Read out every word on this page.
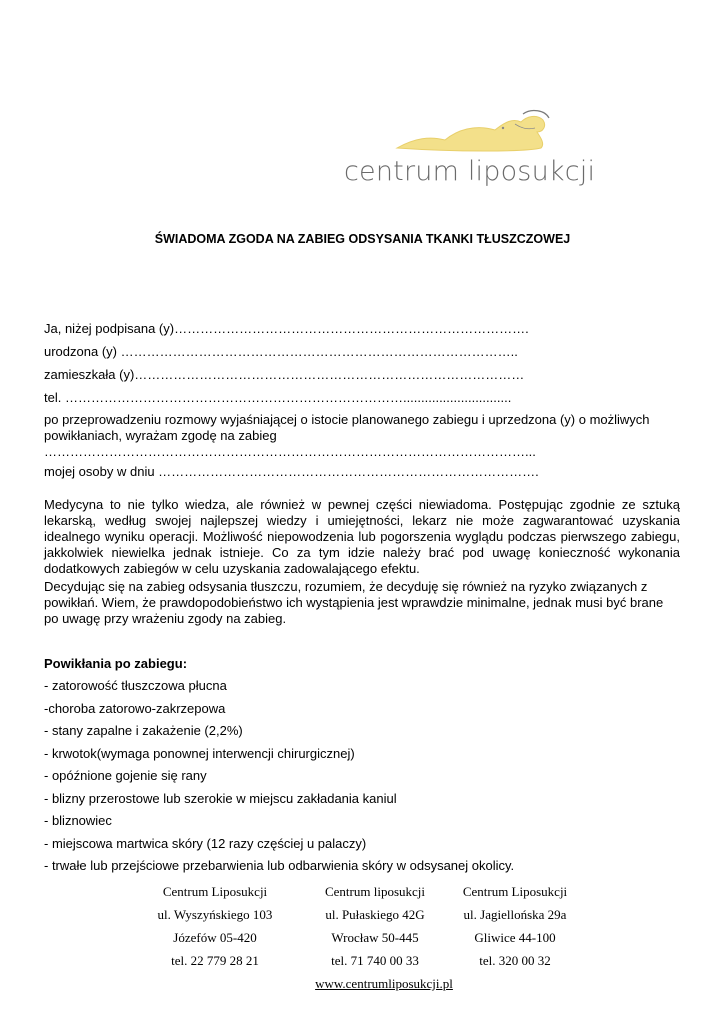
centrum liposukcji
ŚWIADOMA ZGODA NA ZABIEG ODSYSANIA TKANKI TŁUSZCZOWEJ
Ja, niżej podpisana (y)……………………………………………………………………….
urodzona (y) ………………………………………………………………………………..
zamieszkała (y)………………………………………………………………………………
tel. ……………………………………………………………………..............................
po przeprowadzeniu rozmowy wyjaśniającej o istocie planowanego zabiegu i uprzedzona (y) o możliwych powikłaniach, wyrażam zgodę na zabieg
…………………………………………………………………………………………………...
mojej osoby w dniu …………………………………………………………………………….
Medycyna to nie tylko wiedza, ale również w pewnej części niewiadoma. Postępując zgodnie ze sztuką lekarską, według swojej najlepszej wiedzy i umiejętności, lekarz nie może zagwarantować uzyskania idealnego wyniku operacji. Możliwość niepowodzenia lub pogorszenia wyglądu podczas pierwszego zabiegu, jakkolwiek niewielka jednak istnieje. Co za tym idzie należy brać pod uwagę konieczność wykonania dodatkowych zabiegów w celu uzyskania zadowalającego efektu.
Decydując się na zabieg odsysania tłuszczu, rozumiem, że decyduję się również na ryzyko związanych z powikłań. Wiem, że prawdopodobieństwo ich wystąpienia jest wprawdzie minimalne, jednak musi być brane po uwagę przy wrażeniu zgody na zabieg.
Powikłania po zabiegu:
- zatorowość tłuszczowa płucna
-choroba zatorowo-zakrzepowa
- stany zapalne i zakażenie (2,2%)
- krwotok(wymaga ponownej interwencji chirurgicznej)
- opóźnione gojenie się rany
- blizny przerostowe lub szerokie w miejscu zakładania kaniul
- bliznowiec
- miejscowa martwica skóry (12 razy częściej u palaczy)
- trwałe lub przejściowe przebarwienia lub odbarwienia skóry w odsysanej okolicy.
Centrum Liposukcji
ul. Wyszyńskiego 103
Józefów 05-420
tel. 22 779 28 21
Centrum liposukcji
ul. Pułaskiego 42G
Wrocław 50-445
tel. 71 740 00 33
Centrum Liposukcji
ul. Jagiellońska 29a
Gliwice 44-100
tel. 320 00 32
www.centrumliposukcji.pl
